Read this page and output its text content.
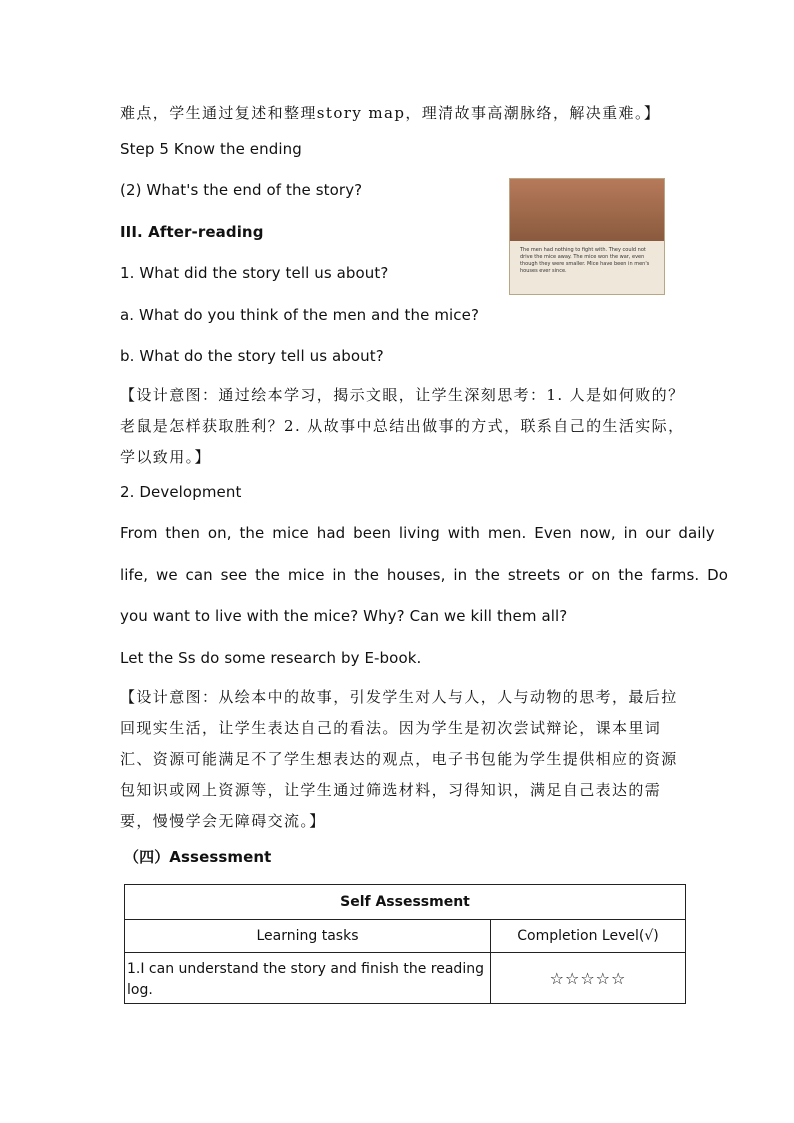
难点，学生通过复述和整理story map，理清故事高潮脉络，解决重难。】
Step 5 Know the ending
(2) What's the end of the story?
The men had nothing to fight with. They could not drive the mice away. The mice won the war, even though they were smaller. Mice have been in men's houses ever since.
III. After-reading
1. What did the story tell us about?
a. What do you think of the men and the mice?
b. What do the story tell us about?
【设计意图：通过绘本学习，揭示文眼，让学生深刻思考：1. 人是如何败的？
老鼠是怎样获取胜利？2. 从故事中总结出做事的方式，联系自己的生活实际，
学以致用。】
2. Development
From then on, the mice had been living with men. Even now, in our daily
life, we can see the mice in the houses, in the streets or on the farms. Do
you want to live with the mice? Why? Can we kill them all?
Let the Ss do some research by E-book.
【设计意图：从绘本中的故事，引发学生对人与人，人与动物的思考，最后拉
回现实生活，让学生表达自己的看法。因为学生是初次尝试辩论，课本里词
汇、资源可能满足不了学生想表达的观点，电子书包能为学生提供相应的资源
包知识或网上资源等，让学生通过筛选材料，习得知识，满足自己表达的需
要，慢慢学会无障碍交流。】
（四）Assessment
Self Assessment
Learning tasks	Completion Level(√)
1.I can understand the story and finish the reading log.
☆☆☆☆☆
